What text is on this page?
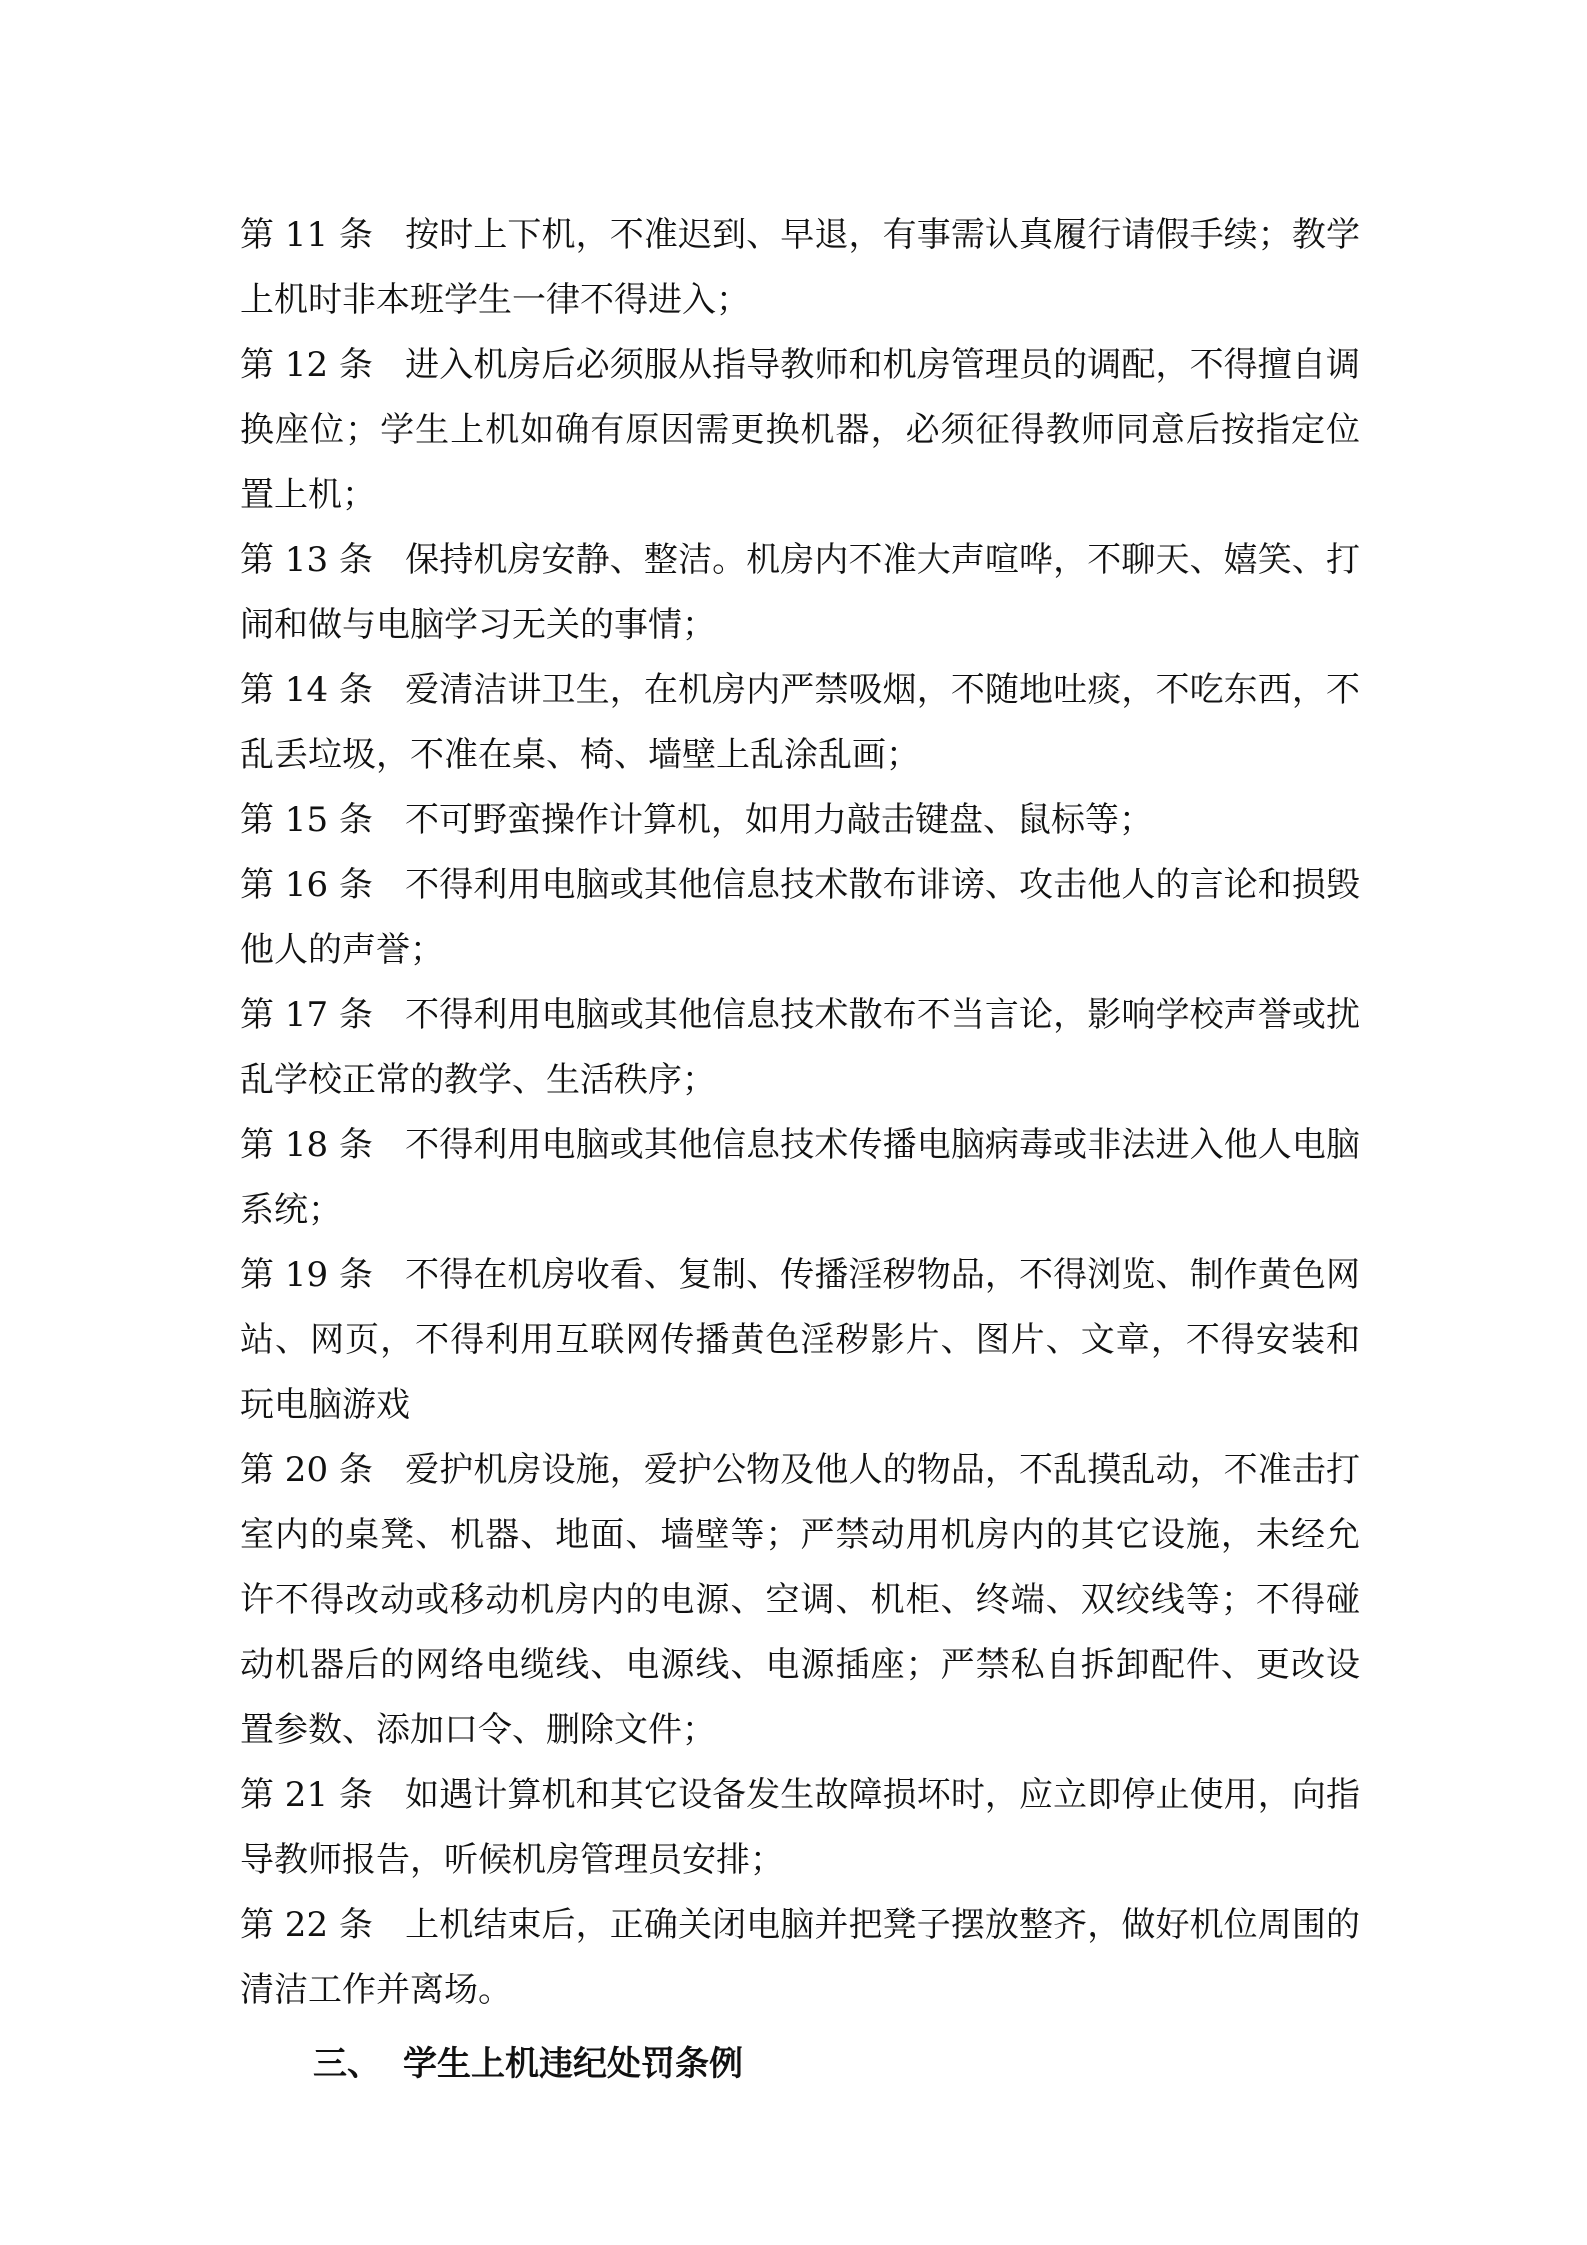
第 11 条 按时上下机，不准迟到、早退，有事需认真履行请假手续；教学上机时非本班学生一律不得进入；

第 12 条 进入机房后必须服从指导教师和机房管理员的调配，不得擅自调换座位；学生上机如确有原因需更换机器，必须征得教师同意后按指定位置上机；

第 13 条 保持机房安静、整洁。机房内不准大声喧哗，不聊天、嬉笑、打闹和做与电脑学习无关的事情；

第 14 条 爱清洁讲卫生，在机房内严禁吸烟，不随地吐痰，不吃东西，不乱丢垃圾，不准在桌、椅、墙壁上乱涂乱画；

第 15 条 不可野蛮操作计算机，如用力敲击键盘、鼠标等；

第 16 条 不得利用电脑或其他信息技术散布诽谤、攻击他人的言论和损毁他人的声誉；

第 17 条 不得利用电脑或其他信息技术散布不当言论，影响学校声誉或扰乱学校正常的教学、生活秩序；

第 18 条 不得利用电脑或其他信息技术传播电脑病毒或非法进入他人电脑系统；

第 19 条 不得在机房收看、复制、传播淫秽物品，不得浏览、制作黄色网站、网页，不得利用互联网传播黄色淫秽影片、图片、文章，不得安装和玩电脑游戏

第 20 条 爱护机房设施，爱护公物及他人的物品，不乱摸乱动，不准击打室内的桌凳、机器、地面、墙壁等；严禁动用机房内的其它设施，未经允许不得改动或移动机房内的电源、空调、机柜、终端、双绞线等；不得碰动机器后的网络电缆线、电源线、电源插座；严禁私自拆卸配件、更改设置参数、添加口令、删除文件；

第 21 条 如遇计算机和其它设备发生故障损坏时，应立即停止使用，向指导教师报告，听候机房管理员安排；

第 22 条 上机结束后，正确关闭电脑并把凳子摆放整齐，做好机位周围的清洁工作并离场。

三、 学生上机违纪处罚条例
